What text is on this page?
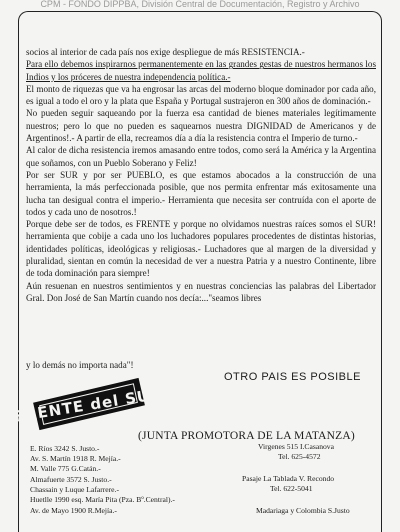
CPM - FONDO DIPPBA, División Central de Documentación, Registro y Archivo

socios al interior de cada país nos exige despliegue de más RESISTENCIA.-

Para ello debemos inspirarnos permanentemente en las grandes gestas de nuestros hermanos los Indios y los próceres de nuestra independencia política.-

El monto de riquezas que va ha engrosar las arcas del moderno bloque dominador por cada año, es igual a todo el oro y la plata que España y Portugal sustrajeron en 300 años de dominación.-

No pueden seguir saqueando por la fuerza esa cantidad de bienes materiales legítimamente nuestros; pero lo que no pueden es saquearnos nuestra DIGNIDAD de Americanos y de Argentinos!.- A partir de ella, recreamos día a día la resistencia contra el Imperio de turno.-

Al calor de dicha resistencia iremos amasando entre todos, como será la América y la Argentina que soñamos, con un Pueblo Soberano y Feliz!

Por ser SUR y por ser PUEBLO, es que estamos abocados a la construcción de una herramienta, la más perfeccionada posible, que nos permita enfrentar más exitosamente una lucha tan desigual contra el imperio.- Herramienta que necesita ser contruída con el aporte de todos y cada uno de nosotros.!

Porque debe ser de todos, es FRENTE y porque no olvidamos nuestras raíces somos el SUR! herramienta que cobije a cada uno los luchadores populares procedentes de distintas historias, identidades políticas, ideológicas y religiosas.- Luchadores que al margen de la diversidad y pluralidad, sientan en común la necesidad de ver a nuestra Patria y a nuestro Continente, libre de toda dominación para siempre!

Aún resuenan en nuestros sentimientos y en nuestras conciencias las palabras del Libertador Gral. Don José de San Martín cuando nos decía:..."seamos libres

y lo demás no importa nada"!
OTRO PAIS ES POSIBLE
FRENTE del SUR
(JUNTA PROMOTORA DE LA MATANZA)
E. Ríos 3242 S. Justo.-
Av. S. Martín 1918 R. Mejía.-
M. Valle 775 G.Catán.-
Almafuerte 3572 S. Justo.-
Chassain y Luque Lafarrere.-
Huetlle 1990 esq. María Pita (Pza. Bº.Central).-
Av. de Mayo 1900 R.Mejía.-
Virgenes 515 I.Casanova
Tel. 625-4572
Pasaje La Tablada V. Recondo
Tel. 622-5041
Madariaga y Colombia S.Justo
